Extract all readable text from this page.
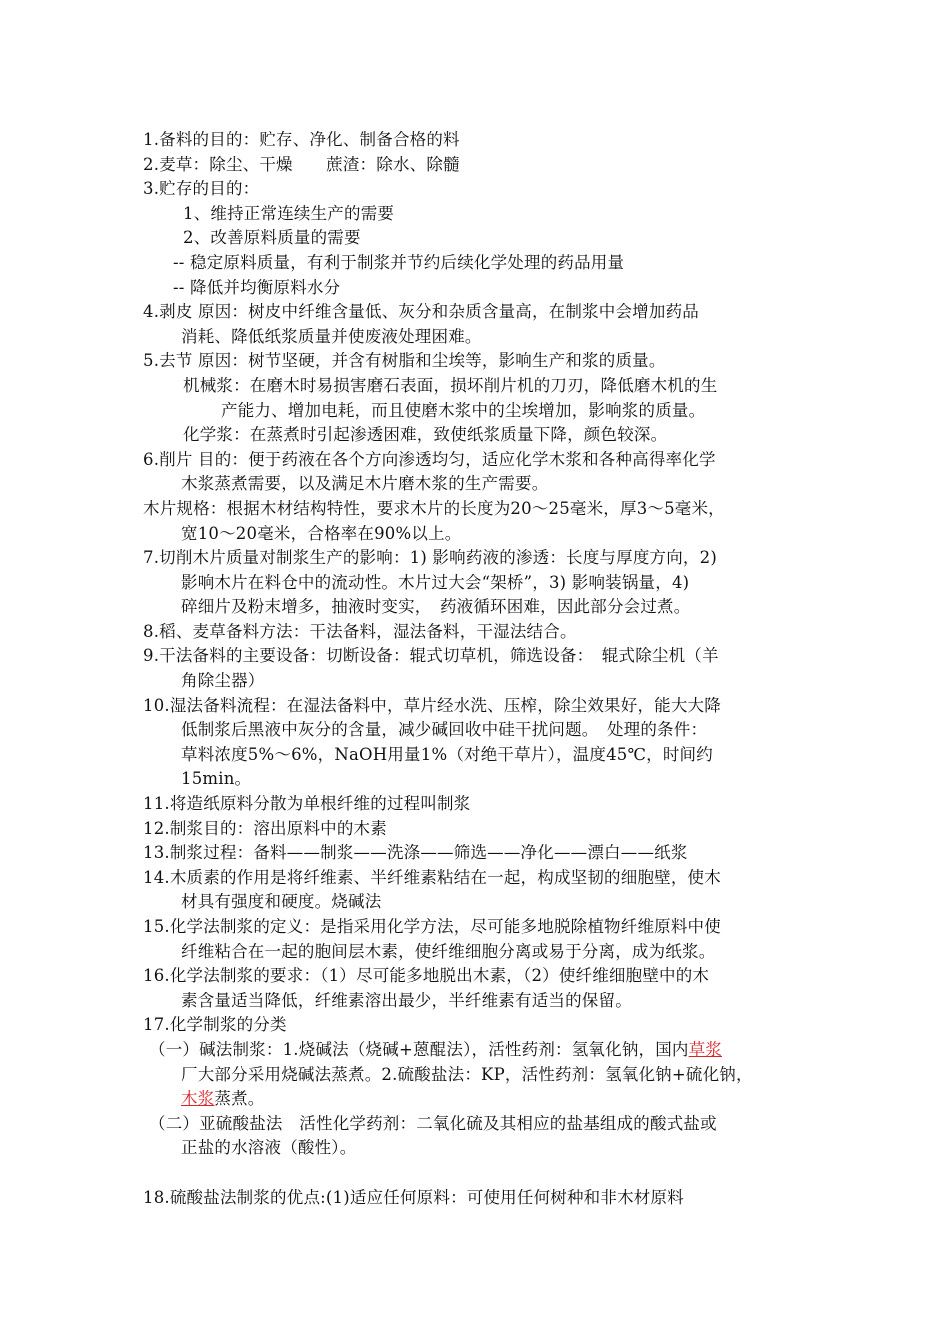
1.备料的目的：贮存、净化、制备合格的料
2.麦草：除尘、干燥　　蔗渣：除水、除髓
3.贮存的目的：
1、维持正常连续生产的需要
2、改善原料质量的需要
-- 稳定原料质量，有利于制浆并节约后续化学处理的药品用量
-- 降低并均衡原料水分
4.剥皮 原因：树皮中纤维含量低、灰分和杂质含量高，在制浆中会增加药品
消耗、降低纸浆质量并使废液处理困难。
5.去节 原因：树节坚硬，并含有树脂和尘埃等，影响生产和浆的质量。
机械浆：在磨木时易损害磨石表面，损坏削片机的刀刃，降低磨木机的生
产能力、增加电耗，而且使磨木浆中的尘埃增加，影响浆的质量。
化学浆：在蒸煮时引起渗透困难，致使纸浆质量下降，颜色较深。
6.削片 目的：便于药液在各个方向渗透均匀，适应化学木浆和各种高得率化学
木浆蒸煮需要，以及满足木片磨木浆的生产需要。
木片规格：根据木材结构特性，要求木片的长度为20～25毫米，厚3～5毫米，
宽10～20毫米，合格率在90%以上。
7.切削木片质量对制浆生产的影响：1) 影响药液的渗透：长度与厚度方向，2)
影响木片在料仓中的流动性。木片过大会“架桥”，3) 影响装锅量，4)
碎细片及粉末增多，抽液时变实，　药液循环困难，因此部分会过煮。
8.稻、麦草备料方法：干法备料，湿法备料，干湿法结合。
9.干法备料的主要设备：切断设备：辊式切草机，筛选设备：　辊式除尘机（羊
角除尘器）
10.湿法备料流程：在湿法备料中，草片经水洗、压榨，除尘效果好，能大大降
低制浆后黑液中灰分的含量，减少碱回收中硅干扰问题。　处理的条件：
草料浓度5%～6%，NaOH用量1%（对绝干草片），温度45℃，时间约
15min。
11.将造纸原料分散为单根纤维的过程叫制浆
12.制浆目的：溶出原料中的木素
13.制浆过程：备料——制浆——洗涤——筛选——净化——漂白——纸浆
14.木质素的作用是将纤维素、半纤维素粘结在一起，构成坚韧的细胞壁，使木
材具有强度和硬度。烧碱法
15.化学法制浆的定义：是指采用化学方法，尽可能多地脱除植物纤维原料中使
纤维粘合在一起的胞间层木素，使纤维细胞分离或易于分离，成为纸浆。
16.化学法制浆的要求：（1）尽可能多地脱出木素，（2）使纤维细胞壁中的木
素含量适当降低，纤维素溶出最少，半纤维素有适当的保留。
17.化学制浆的分类
（一）碱法制浆：1.烧碱法（烧碱+蒽醌法），活性药剂：氢氧化钠，国内草浆
厂大部分采用烧碱法蒸煮。2.硫酸盐法：KP，活性药剂：氢氧化钠+硫化钠，
木浆蒸煮。
（二）亚硫酸盐法　活性化学药剂：二氧化硫及其相应的盐基组成的酸式盐或
正盐的水溶液（酸性）。
18.硫酸盐法制浆的优点:(1)适应任何原料：可使用任何树种和非木材原料
